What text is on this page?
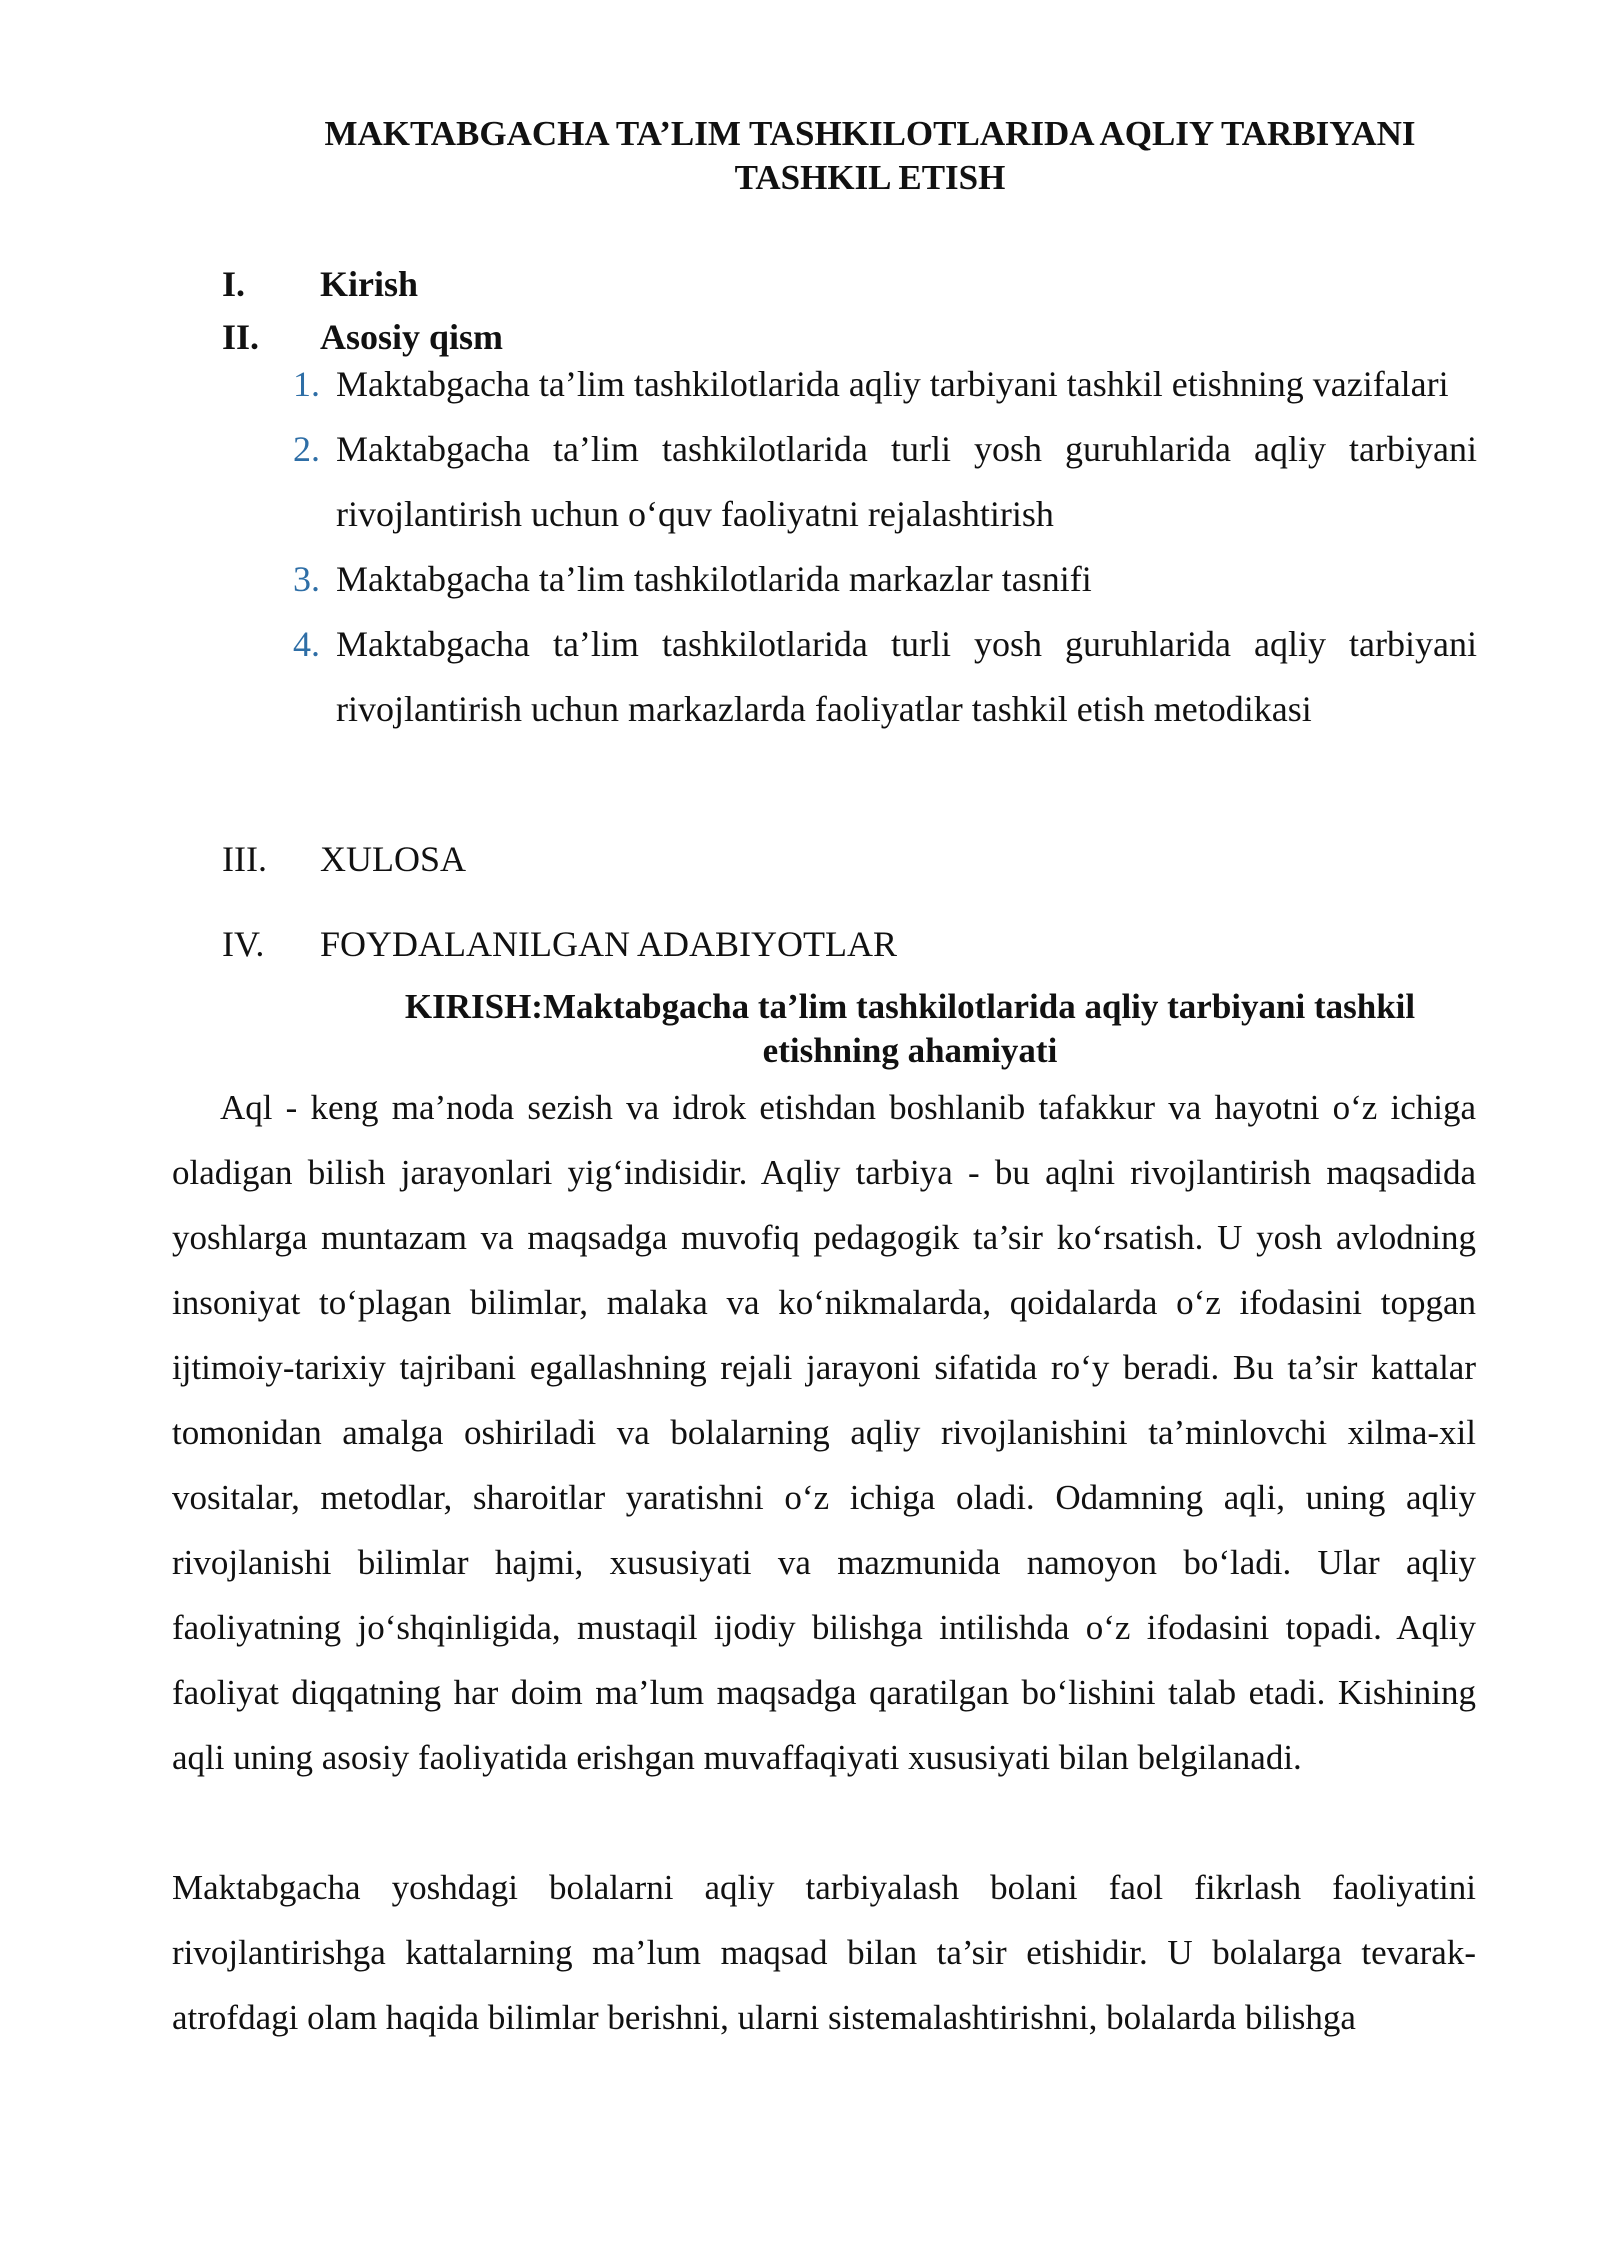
MAKTABGACHA TA’LIM TASHKILOTLARIDA AQLIY TARBIYANI
TASHKIL ETISH
I.	Kirish
II.	Asosiy qism
1. Maktabgacha ta’lim tashkilotlarida aqliy tarbiyani tashkil etishning vazifalari
2. Maktabgacha ta’lim tashkilotlarida turli yosh guruhlarida aqliy tarbiyani rivojlantirish uchun o‘quv faoliyatni rejalashtirish
3. Maktabgacha ta’lim tashkilotlarida markazlar tasnifi
4. Maktabgacha ta’lim tashkilotlarida turli yosh guruhlarida aqliy tarbiyani rivojlantirish uchun markazlarda faoliyatlar tashkil etish metodikasi
III.	XULOSA
IV.	FOYDALANILGAN ADABIYOTLAR
KIRISH:Maktabgacha ta’lim tashkilotlarida aqliy tarbiyani tashkil
etishning ahamiyati

Aql - keng ma’noda sezish va idrok etishdan boshlanib tafakkur va hayotni o‘z ichiga oladigan bilish jarayonlari yig‘indisidir. Aqliy tarbiya - bu aqlni rivojlantirish maqsadida yoshlarga muntazam va maqsadga muvofiq pedagogik ta’sir ko‘rsatish. U yosh avlodning insoniyat to‘plagan bilimlar, malaka va ko‘nikmalarda, qoidalarda o‘z ifodasini topgan ijtimoiy-tarixiy tajribani egallashning rejali jarayoni sifatida ro‘y beradi. Bu ta’sir kattalar tomonidan amalga oshiriladi va bolalarning aqliy rivojlanishini ta’minlovchi xilma-xil vositalar, metodlar, sharoitlar yaratishni o‘z ichiga oladi. Odamning aqli, uning aqliy rivojlanishi bilimlar hajmi, xususiyati va mazmunida namoyon bo‘ladi. Ular aqliy faoliyatning jo‘shqinligida, mustaqil ijodiy bilishga intilishda o‘z ifodasini topadi. Aqliy faoliyat diqqatning har doim ma’lum maqsadga qaratilgan bo‘lishini talab etadi. Kishining aqli uning asosiy faoliyatida erishgan muvaffaqiyati xususiyati bilan belgilanadi.

Maktabgacha yoshdagi bolalarni aqliy tarbiyalash bolani faol fikrlash faoliyatini rivojlantirishga kattalarning ma’lum maqsad bilan ta’sir etishidir. U bolalarga tevarak- atrofdagi olam haqida bilimlar berishni, ularni sistemalashtirishni, bolalarda bilishga
